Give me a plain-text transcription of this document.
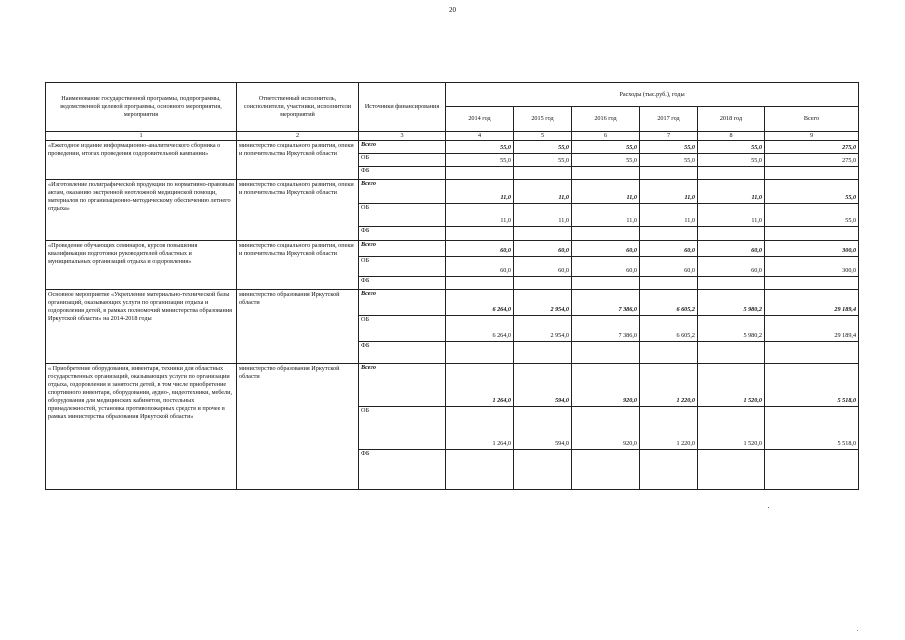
20
Наименование государственной программы, подпрограммы, ведомственной целевой программы, основного мероприятия, мероприятия	Ответственный исполнитель, соисполнители, участники, исполнители мероприятий	Источники финансирования	Расходы (тыс.руб.), годы					
			2014 год	2015 год	2016 год	2017 год	2018 год	Всего
1	2	3	4	5	6	7	8	9
«Ежегодное издание информационно-аналитического сборника о проведении, итогах проведения оздоровительной кампании»	министерство социального развития, опеки и попечительства Иркутской области	Всего	55,0	55,0	55,0	55,0	55,0	275,0
		ОБ	55,0	55,0	55,0	55,0	55,0	275,0
		ФБ						
«Изготовление полиграфической продукции по нормативно-правовым актам, оказанию экстренной неотложной медицинской помощи, материалов по организационно-методическому обеспечению летнего отдыха»	министерство социального развития, опеки и попечительства Иркутской области	Всего	11,0	11,0	11,0	11,0	11,0	55,0
		ОБ	11,0	11,0	11,0	11,0	11,0	55,0
		ФБ						
«Проведение обучающих семинаров, курсов повышения квалификации подготовки руководителей областных и муниципальных организаций отдыха и оздоровления»	министерство социального развития, опеки и попечительства Иркутской области	Всего	60,0	60,0	60,0	60,0	60,0	300,0
		ОБ	60,0	60,0	60,0	60,0	60,0	300,0
		ФБ						
Основное мероприятие «Укрепление материально-технической базы организаций, оказывающих услуги по организации отдыха и оздоровления детей, в рамках полномочий министерства образования Иркутской области» на 2014-2018 годы	министерство образования Иркутской области	Всего	6 264,0	2 954,0	7 386,0	6 605,2	5 980,2	29 189,4
		ОБ	6 264,0	2 954,0	7 386,0	6 605,2	5 980,2	29 189,4
		ФБ						
« Приобретение оборудования, инвентаря, техники для областных государственных организаций, оказывающих услуги по организации отдыха, оздоровления и занятости детей, в том числе приобретение спортивного инвентаря, оборудования, аудио-, видеотехники, мебели, оборудования для медицинских кабинетов, постельных принадлежностей, установка противопожарных средств и прочее в рамках министерства образования Иркутской области»	министерство образования Иркутской области	Всего	1 264,0	594,0	920,0	1 220,0	1 520,0	5 518,0
		ОБ	1 264,0	594,0	920,0	1 220,0	1 520,0	5 518,0
		ФБ						
